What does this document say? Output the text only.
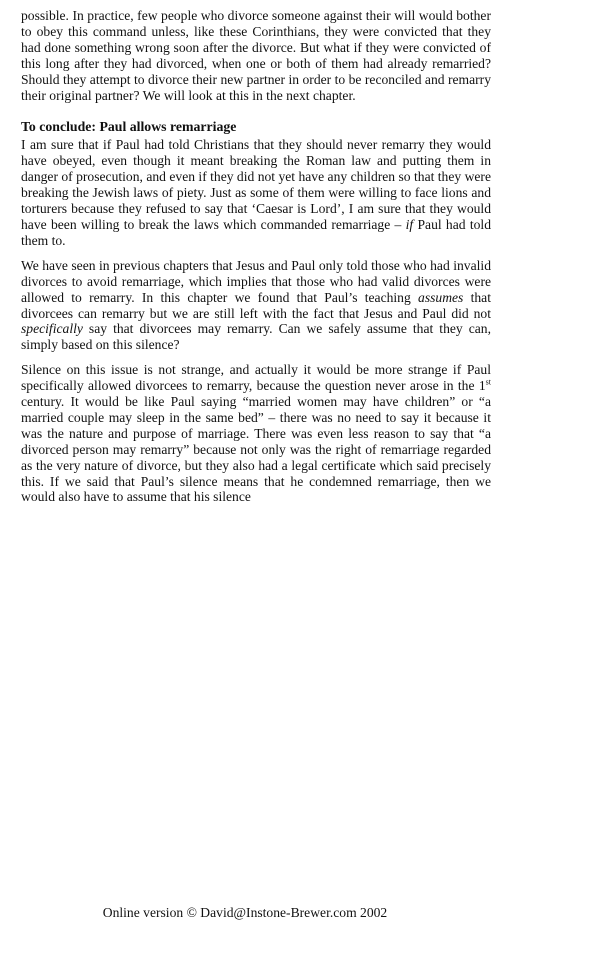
possible. In practice, few people who divorce someone against their will would bother to obey this command unless, like these Corinthians, they were convicted that they had done something wrong soon after the divorce. But what if they were convicted of this long after they had divorced, when one or both of them had already remarried? Should they attempt to divorce their new partner in order to be reconciled and remarry their original partner? We will look at this in the next chapter.

To conclude: Paul allows remarriage

I am sure that if Paul had told Christians that they should never remarry they would have obeyed, even though it meant breaking the Roman law and putting them in danger of prosecution, and even if they did not yet have any children so that they were breaking the Jewish laws of piety. Just as some of them were willing to face lions and torturers because they refused to say that ‘Caesar is Lord’, I am sure that they would have been willing to break the laws which commanded remarriage – if Paul had told them to.

We have seen in previous chapters that Jesus and Paul only told those who had invalid divorces to avoid remarriage, which implies that those who had valid divorces were allowed to remarry. In this chapter we found that Paul’s teaching assumes that divorcees can remarry but we are still left with the fact that Jesus and Paul did not specifically say that divorcees may remarry. Can we safely assume that they can, simply based on this silence?

Silence on this issue is not strange, and actually it would be more strange if Paul specifically allowed divorcees to remarry, because the question never arose in the 1st century. It would be like Paul saying “married women may have children” or “a married couple may sleep in the same bed” – there was no need to say it because it was the nature and purpose of marriage. There was even less reason to say that “a divorced person may remarry” because not only was the right of remarriage regarded as the very nature of divorce, but they also had a legal certificate which said precisely this. If we said that Paul’s silence means that he condemned remarriage, then we would also have to assume that his silence

Online version © David@Instone-Brewer.com 2002
